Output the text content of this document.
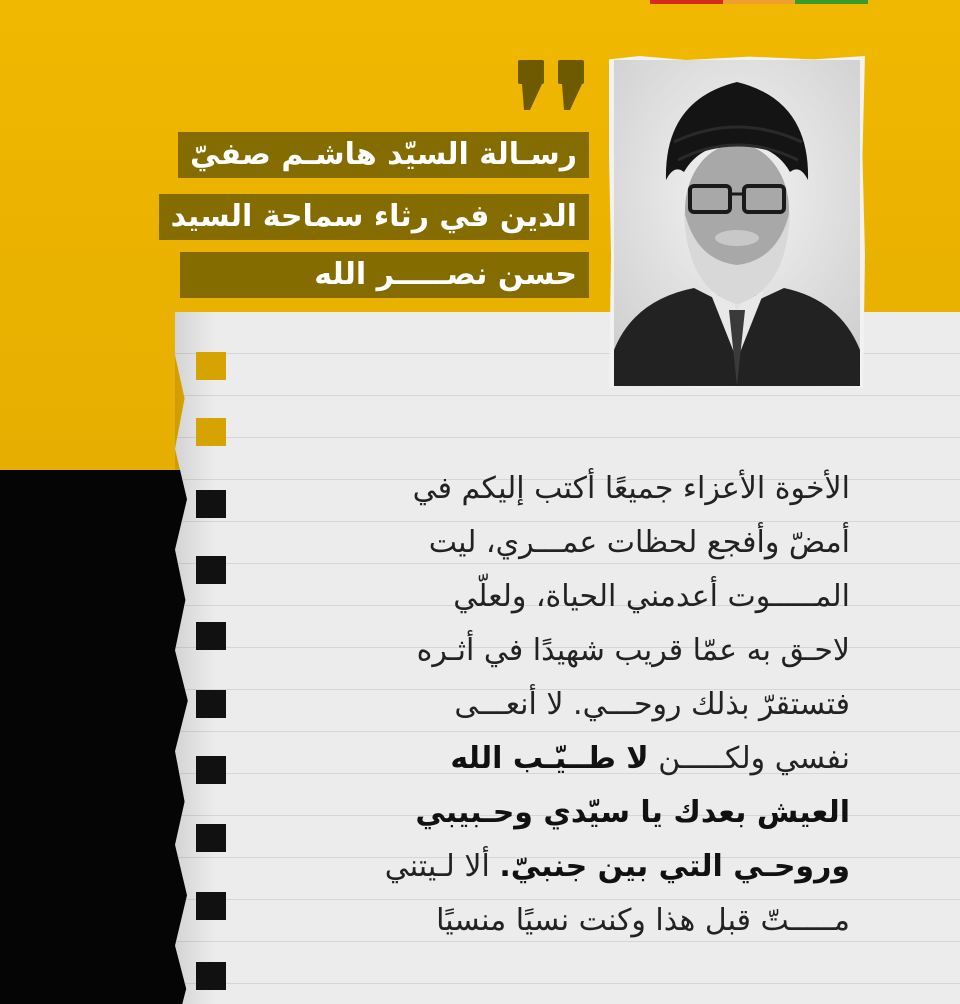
رسـالة السيّد هاشـم صفيّ
الدين في رثاء سماحة السيد
حسن نصـــــر الله
الأخوة الأعزاء جميعًا أكتب إليكم في
أمضّ وأفجع لحظات عمـــري، ليت
المـــــوت أعدمني الحياة، ولعلّي
لاحـق به عمّا قريب شهيدًا في أثـره
فتستقرّ بذلك روحـــي. لا أنعـــى
نفسي ولكـــــن لا طــيّـب الله
العيش بعدك يا سيّدي وحـبيبي
وروحـي التي بين جنبيّ. ألا لـيتني
مـــــتّ قبل هذا وكنت نسيًا منسيًا
